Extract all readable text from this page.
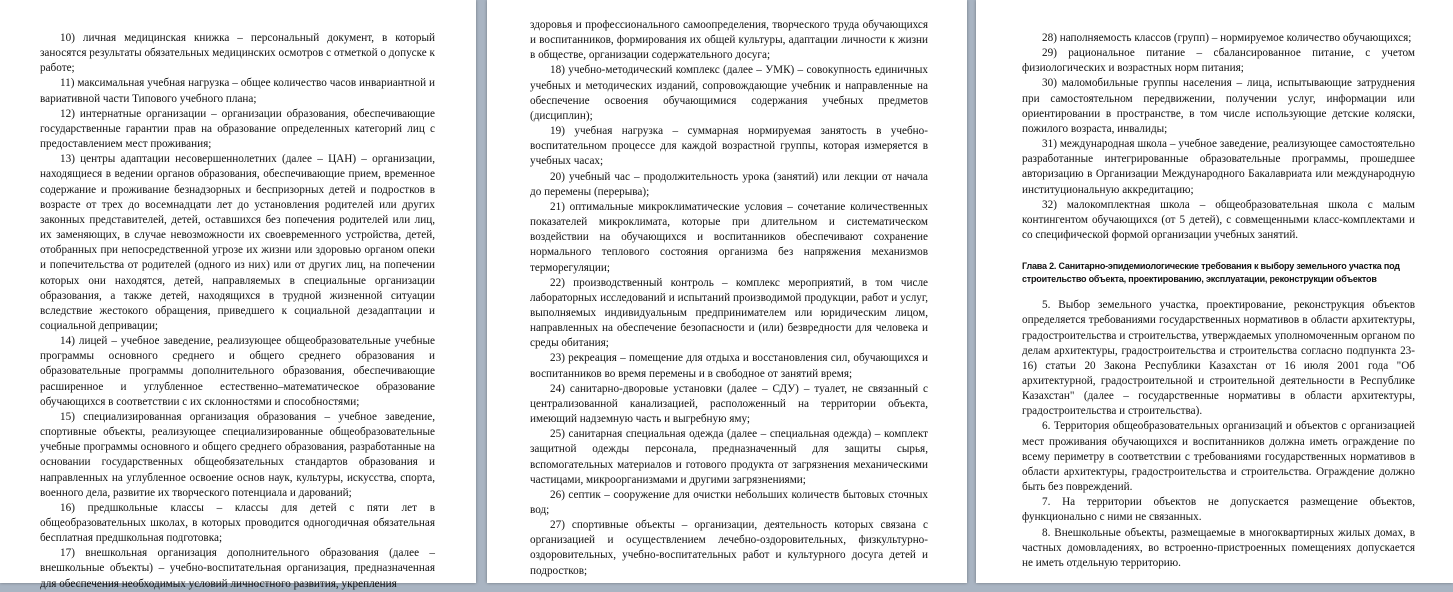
10) личная медицинская книжка – персональный документ, в который заносятся результаты обязательных медицинских осмотров с отметкой о допуске к работе;

11) максимальная учебная нагрузка – общее количество часов инвариантной и вариативной части Типового учебного плана;

12) интернатные организации – организации образования, обеспечивающие государственные гарантии прав на образование определенных категорий лиц с предоставлением мест проживания;

13) центры адаптации несовершеннолетних (далее – ЦАН) – организации, находящиеся в ведении органов образования, обеспечивающие прием, временное содержание и проживание безнадзорных и беспризорных детей и подростков в возрасте от трех до восемнадцати лет до установления родителей или других законных представителей, детей, оставшихся без попечения родителей или лиц, их заменяющих, в случае невозможности их своевременного устройства, детей, отобранных при непосредственной угрозе их жизни или здоровью органом опеки и попечительства от родителей (одного из них) или от других лиц, на попечении которых они находятся, детей, направляемых в специальные организации образования, а также детей, находящихся в трудной жизненной ситуации вследствие жестокого обращения, приведшего к социальной дезадаптации и социальной депривации;

14) лицей – учебное заведение, реализующее общеобразовательные учебные программы основного среднего и общего среднего образования и образовательные программы дополнительного образования, обеспечивающие расширенное и углубленное естественно–математическое образование обучающихся в соответствии с их склонностями и способностями;

15) специализированная организация образования – учебное заведение, спортивные объекты, реализующее специализированные общеобразовательные учебные программы основного и общего среднего образования, разработанные на основании государственных общеобязательных стандартов образования и направленных на углубленное освоение основ наук, культуры, искусства, спорта, военного дела, развитие их творческого потенциала и дарований;

16) предшкольные классы – классы для детей с пяти лет в общеобразовательных школах, в которых проводится одногодичная обязательная бесплатная предшкольная подготовка;

17) внешкольная организация дополнительного образования (далее – внешкольные объекты) – учебно-воспитательная организация, предназначенная для обеспечения необходимых условий личностного развития, укрепления

здоровья и профессионального самоопределения, творческого труда обучающихся и воспитанников, формирования их общей культуры, адаптации личности к жизни в обществе, организации содержательного досуга;

18) учебно-методический комплекс (далее – УМК) – совокупность единичных учебных и методических изданий, сопровождающие учебник и направленные на обеспечение освоения обучающимися содержания учебных предметов (дисциплин);

19) учебная нагрузка – суммарная нормируемая занятость в учебно-воспитательном процессе для каждой возрастной группы, которая измеряется в учебных часах;

20) учебный час – продолжительность урока (занятий) или лекции от начала до перемены (перерыва);

21) оптимальные микроклиматические условия – сочетание количественных показателей микроклимата, которые при длительном и систематическом воздействии на обучающихся и воспитанников обеспечивают сохранение нормального теплового состояния организма без напряжения механизмов терморегуляции;

22) производственный контроль – комплекс мероприятий, в том числе лабораторных исследований и испытаний производимой продукции, работ и услуг, выполняемых индивидуальным предпринимателем или юридическим лицом, направленных на обеспечение безопасности и (или) безвредности для человека и среды обитания;

23) рекреация – помещение для отдыха и восстановления сил, обучающихся и воспитанников во время перемены и в свободное от занятий время;

24) санитарно-дворовые установки (далее – СДУ) – туалет, не связанный с централизованной канализацией, расположенный на территории объекта, имеющий надземную часть и выгребную яму;

25) санитарная специальная одежда (далее – специальная одежда) – комплект защитной одежды персонала, предназначенный для защиты сырья, вспомогательных материалов и готового продукта от загрязнения механическими частицами, микроорганизмами и другими загрязнениями;

26) септик – сооружение для очистки небольших количеств бытовых сточных вод;

27) спортивные объекты – организации, деятельность которых связана с организацией и осуществлением лечебно-оздоровительных, физкультурно-оздоровительных, учебно-воспитательных работ и культурного досуга детей и подростков;

28) наполняемость классов (групп) – нормируемое количество обучающихся;

29) рациональное питание – сбалансированное питание, с учетом физиологических и возрастных норм питания;

30) маломобильные группы населения – лица, испытывающие затруднения при самостоятельном передвижении, получении услуг, информации или ориентировании в пространстве, в том числе использующие детские коляски, пожилого возраста, инвалиды;

31) международная школа – учебное заведение, реализующее самостоятельно разработанные интегрированные образовательные программы, прошедшее авторизацию в Организации Международного Бакалавриата или международную институциональную аккредитацию;

32) малокомплектная школа – общеобразовательная школа с малым контингентом обучающихся (от 5 детей), с совмещенными класс-комплектами и со специфической формой организации учебных занятий.

Глава 2. Санитарно-эпидемиологические требования к выбору земельного участка под строительство объекта, проектированию, эксплуатации, реконструкции объектов

5. Выбор земельного участка, проектирование, реконструкция объектов определяется требованиями государственных нормативов в области архитектуры, градостроительства и строительства, утверждаемых уполномоченным органом по делам архитектуры, градостроительства и строительства согласно подпункта 23-16) статьи 20 Закона Республики Казахстан от 16 июля 2001 года "Об архитектурной, градостроительной и строительной деятельности в Республике Казахстан" (далее – государственные нормативы в области архитектуры, градостроительства и строительства).

6. Территория общеобразовательных организаций и объектов с организацией мест проживания обучающихся и воспитанников должна иметь ограждение по всему периметру в соответствии с требованиями государственных нормативов в области архитектуры, градостроительства и строительства. Ограждение должно быть без повреждений.

7. На территории объектов не допускается размещение объектов, функционально с ними не связанных.

8. Внешкольные объекты, размещаемые в многоквартирных жилых домах, в частных домовладениях, во встроенно-пристроенных помещениях допускается не иметь отдельную территорию.
